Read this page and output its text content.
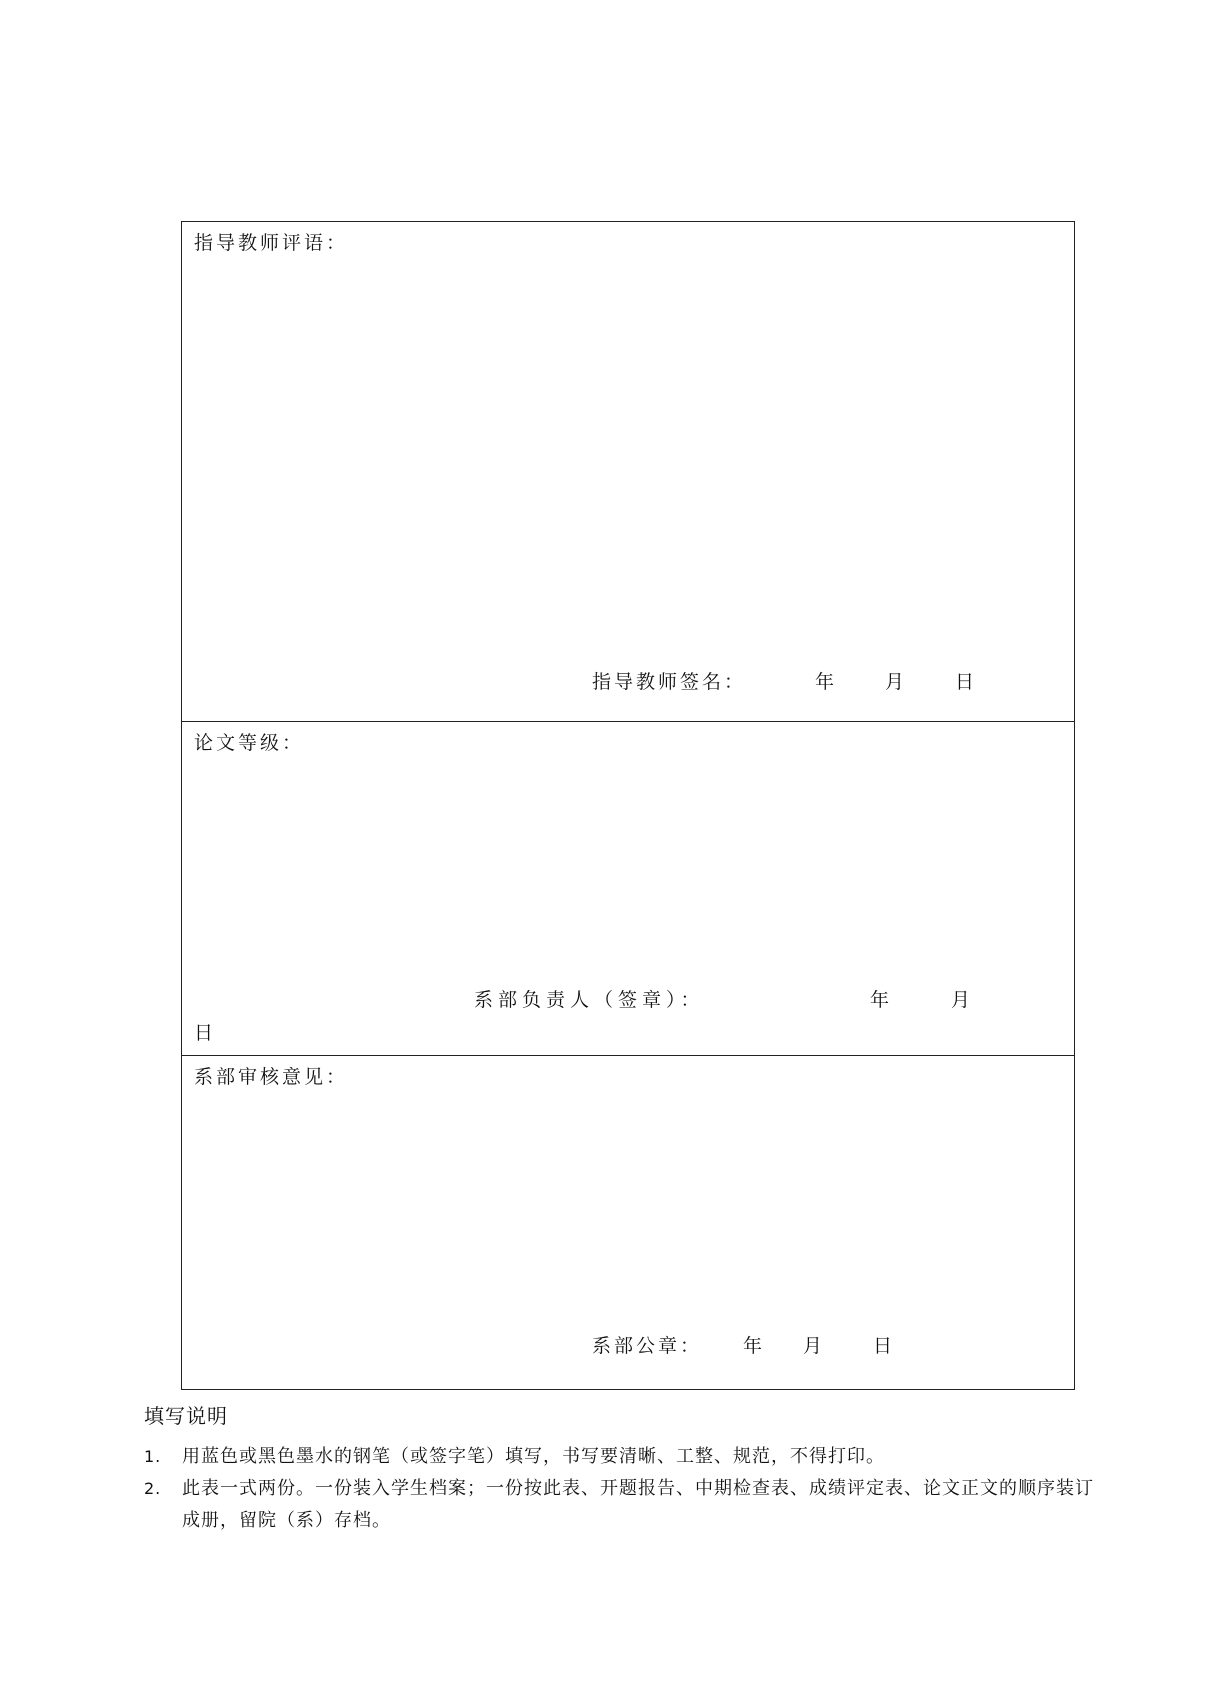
指导教师评语：
指导教师签名：	年	月	日
论文等级：
系部负责人（签章）：	年	月
日
系部审核意见：
系部公章： 年 月	日
填写说明
1. 用蓝色或黑色墨水的钢笔（或签字笔）填写，书写要清晰、工整、规范，不得打印。
2. 此表一式两份。一份装入学生档案；一份按此表、开题报告、中期检查表、成绩评定表、论文正文的顺序装订成册，留院（系）存档。
